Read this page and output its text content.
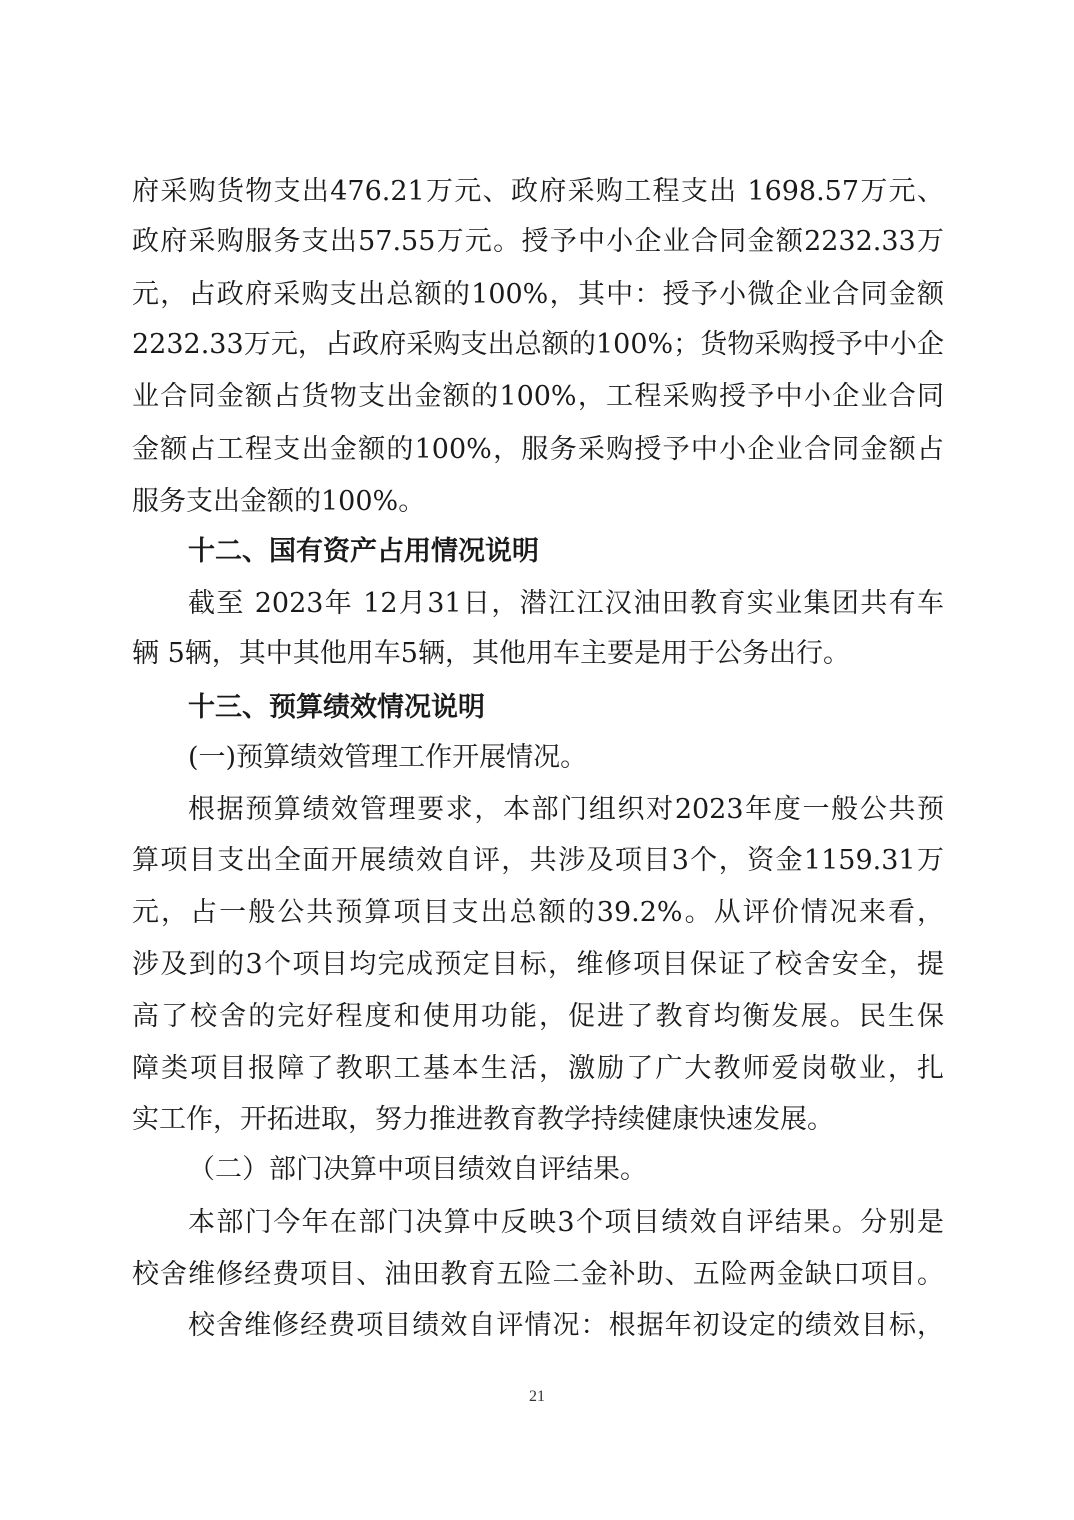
府采购货物支出476.21万元、政府采购工程支出 1698.57万元、
政府采购服务支出57.55万元。授予中小企业合同金额2232.33万
元，占政府采购支出总额的100%，其中：授予小微企业合同金额
2232.33万元，占政府采购支出总额的100%；货物采购授予中小企
业合同金额占货物支出金额的100%，工程采购授予中小企业合同
金额占工程支出金额的100%，服务采购授予中小企业合同金额占
服务支出金额的100%。
十二、国有资产占用情况说明
截至 2023年 12月31日，潜江江汉油田教育实业集团共有车
辆 5辆，其中其他用车5辆，其他用车主要是用于公务出行。
十三、预算绩效情况说明
(一)预算绩效管理工作开展情况。
根据预算绩效管理要求，本部门组织对2023年度一般公共预
算项目支出全面开展绩效自评，共涉及项目3个，资金1159.31万
元，占一般公共预算项目支出总额的39.2%。从评价情况来看，
涉及到的3个项目均完成预定目标，维修项目保证了校舍安全，提
高了校舍的完好程度和使用功能，促进了教育均衡发展。民生保
障类项目报障了教职工基本生活，激励了广大教师爱岗敬业，扎
实工作，开拓进取，努力推进教育教学持续健康快速发展。
（二）部门决算中项目绩效自评结果。
本部门今年在部门决算中反映3个项目绩效自评结果。分别是
校舍维修经费项目、油田教育五险二金补助、五险两金缺口项目。
校舍维修经费项目绩效自评情况：根据年初设定的绩效目标，
21
